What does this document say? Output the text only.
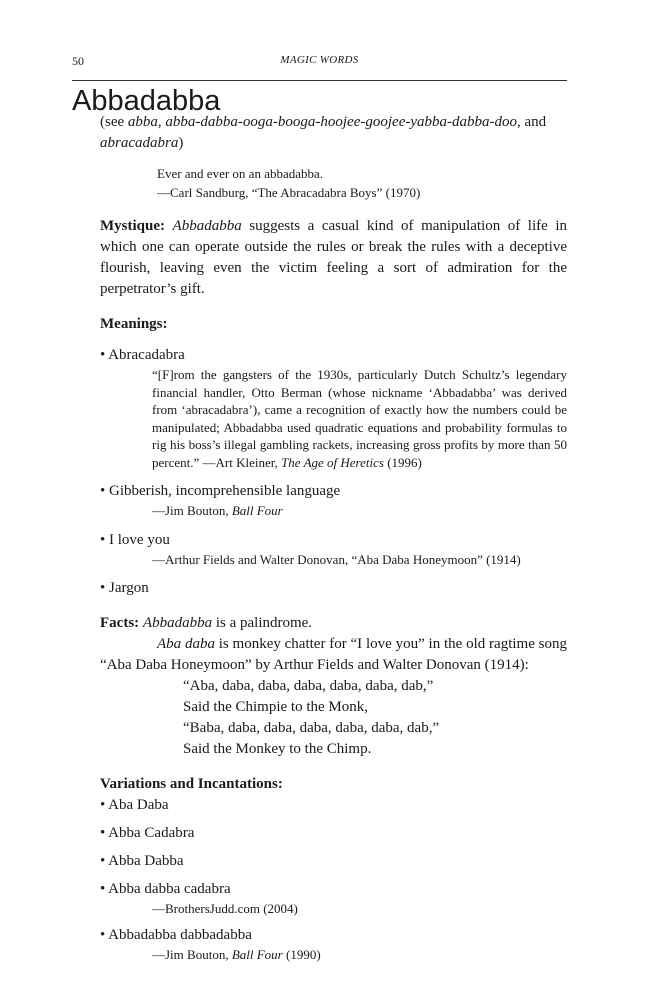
50	MAGIC WORDS
Abbadabba

(see abba, abba-dabba-ooga-booga-hoojee-goojee-yabba-dabba-doo, and abracadabra)

Ever and ever on an abbadabba.

—Carl Sandburg, “The Abracadabra Boys” (1970)

Mystique: Abbadabba suggests a casual kind of manipulation of life in which one can operate outside the rules or break the rules with a deceptive flourish, leaving even the victim feeling a sort of admiration for the perpetrator’s gift.

Meanings:

• Abracadabra

“[F]rom the gangsters of the 1930s, particularly Dutch Schultz’s legendary financial handler, Otto Berman (whose nickname ‘Abbadabba’ was derived from ‘abracadabra’), came a recognition of exactly how the numbers could be manipulated; Abbadabba used quadratic equations and probability formulas to rig his boss’s illegal gambling rackets, increasing gross profits by more than 50 percent.” —Art Kleiner, The Age of Heretics (1996)

• Gibberish, incomprehensible language

—Jim Bouton, Ball Four

• I love you

—Arthur Fields and Walter Donovan, “Aba Daba Honeymoon” (1914)

• Jargon

Facts: Abbadabba is a palindrome.

Aba daba is monkey chatter for “I love you” in the old ragtime song “Aba Daba Honeymoon” by Arthur Fields and Walter Donovan (1914):

“Aba, daba, daba, daba, daba, daba, dab,”

Said the Chimpie to the Monk,

“Baba, daba, daba, daba, daba, daba, dab,”

Said the Monkey to the Chimp.

Variations and Incantations:

• Aba Daba

• Abba Cadabra

• Abba Dabba

• Abba dabba cadabra

—BrothersJudd.com (2004)

• Abbadabba dabbadabba

—Jim Bouton, Ball Four (1990)
